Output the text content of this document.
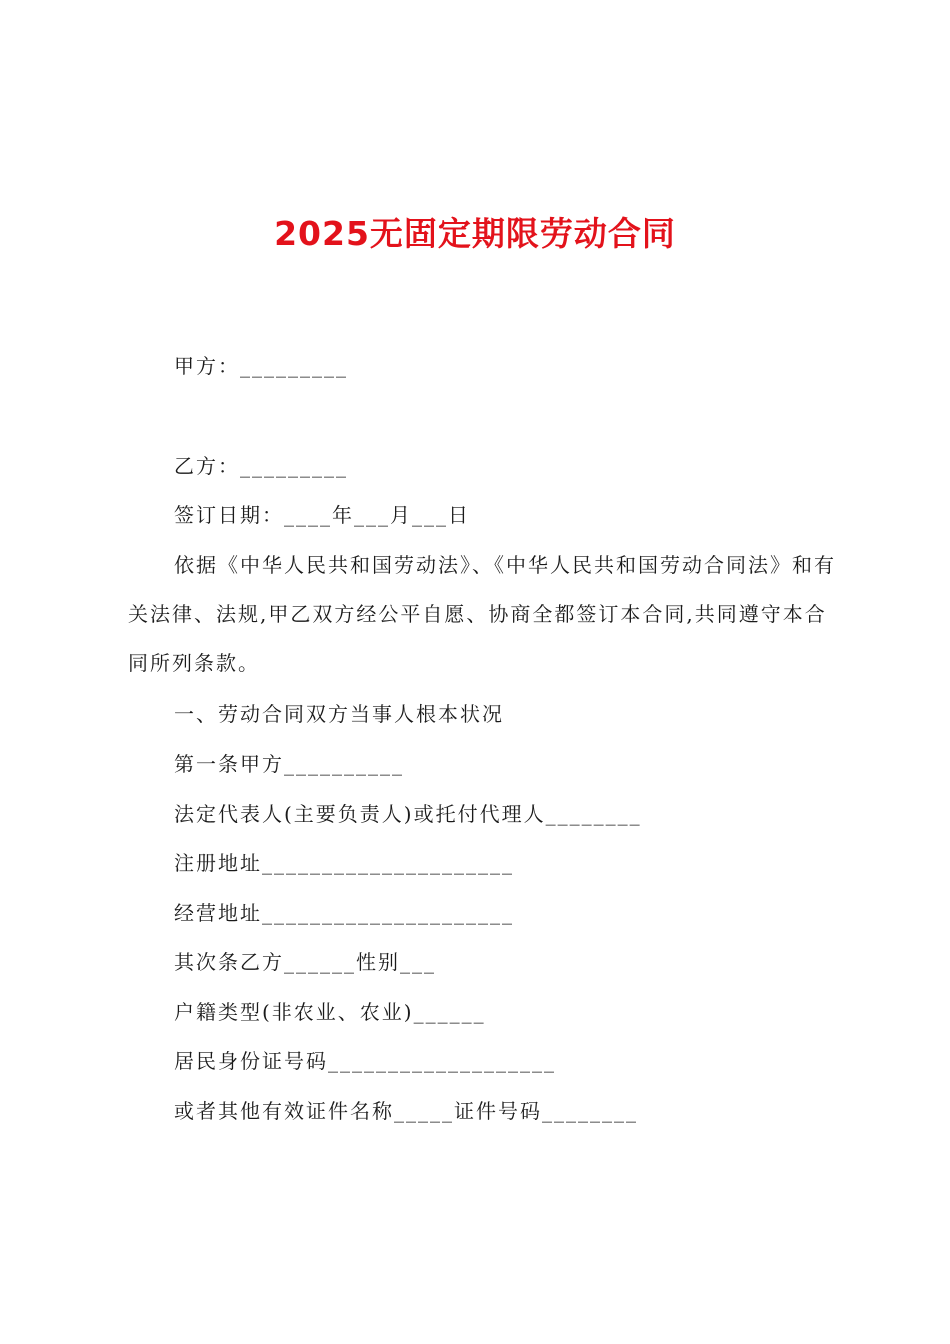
2025无固定期限劳动合同
甲方：_________
乙方：_________
签订日期：____年___月___日
依据《中华人民共和国劳动法》、《中华人民共和国劳动合同法》和有关法律、法规,甲乙双方经公平自愿、协商全都签订本合同,共同遵守本合同所列条款。
一、劳动合同双方当事人根本状况
第一条甲方__________
法定代表人(主要负责人)或托付代理人________
注册地址_____________________
经营地址_____________________
其次条乙方______性别___
户籍类型(非农业、农业)______
居民身份证号码___________________
或者其他有效证件名称_____证件号码________
